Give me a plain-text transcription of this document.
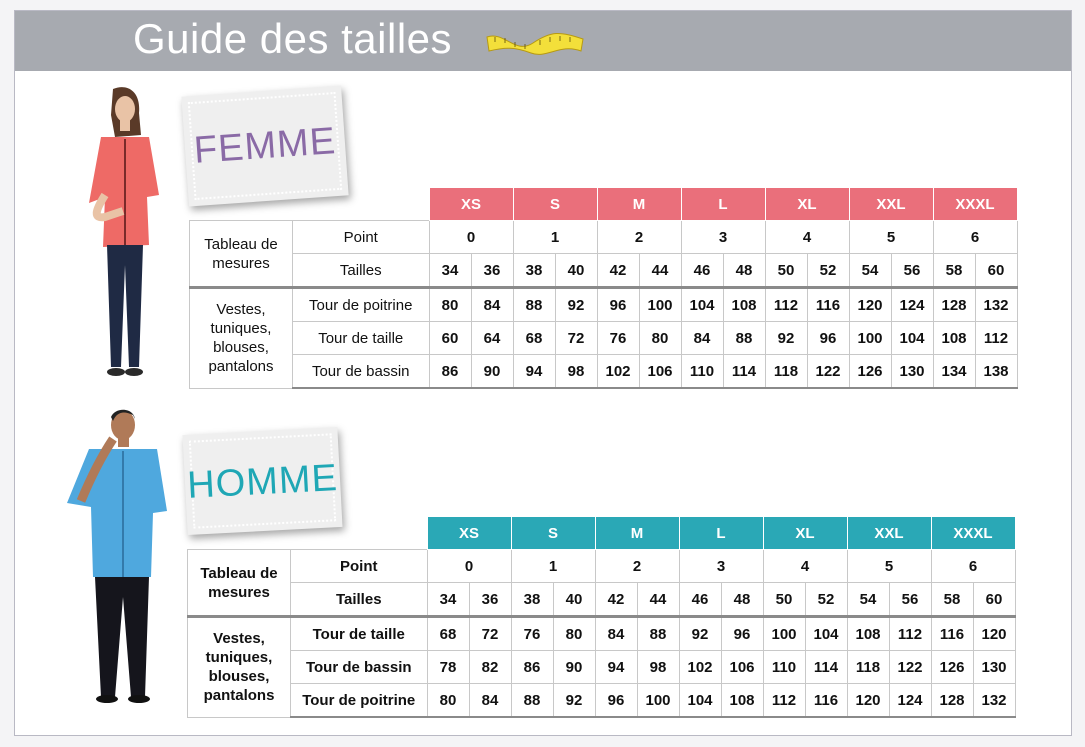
Guide des tailles
FEMME
		XS		S		M		L		XL		XXL		XXXL	
Tableau de mesures	Point	0		1		2		3		4		5		6	
	Tailles	34	36	38	40	42	44	46	48	50	52	54	56	58	60
Vestes, tuniques, blouses, pantalons	Tour de poitrine	80	84	88	92	96	100	104	108	112	116	120	124	128	132
	Tour de taille	60	64	68	72	76	80	84	88	92	96	100	104	108	112
	Tour de bassin	86	90	94	98	102	106	110	114	118	122	126	130	134	138
HOMME
		XS		S		M		L		XL		XXL		XXXL	
Tableau de mesures	Point	0		1		2		3		4		5		6	
	Tailles	34	36	38	40	42	44	46	48	50	52	54	56	58	60
Vestes, tuniques, blouses, pantalons	Tour de taille	68	72	76	80	84	88	92	96	100	104	108	112	116	120
	Tour de bassin	78	82	86	90	94	98	102	106	110	114	118	122	126	130
	Tour de poitrine	80	84	88	92	96	100	104	108	112	116	120	124	128	132
